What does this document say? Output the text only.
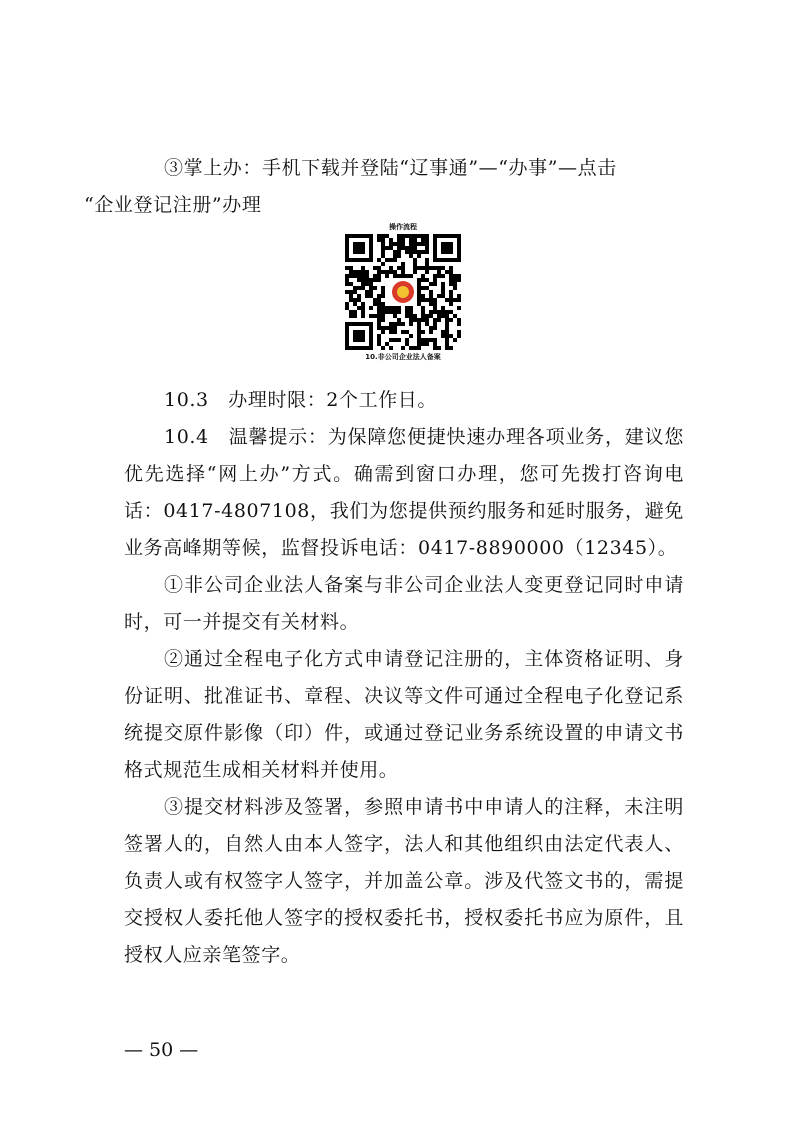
③掌上办：手机下载并登陆“辽事通”—“办事”—点击
“企业登记注册”办理

操作流程
10.非公司企业法人备案

10.3　办理时限：2个工作日。

10.4　温馨提示：为保障您便捷快速办理各项业务，建议您优先选择“网上办”方式。确需到窗口办理，您可先拨打咨询电话：0417-4807108，我们为您提供预约服务和延时服务，避免业务高峰期等候，监督投诉电话：0417-8890000（12345）。

①非公司企业法人备案与非公司企业法人变更登记同时申请时，可一并提交有关材料。

②通过全程电子化方式申请登记注册的，主体资格证明、身份证明、批准证书、章程、决议等文件可通过全程电子化登记系统提交原件影像（印）件，或通过登记业务系统设置的申请文书格式规范生成相关材料并使用。

③提交材料涉及签署，参照申请书中申请人的注释，未注明签署人的，自然人由本人签字，法人和其他组织由法定代表人、负责人或有权签字人签字，并加盖公章。涉及代签文书的，需提交授权人委托他人签字的授权委托书，授权委托书应为原件，且授权人应亲笔签字。

— 50 —
